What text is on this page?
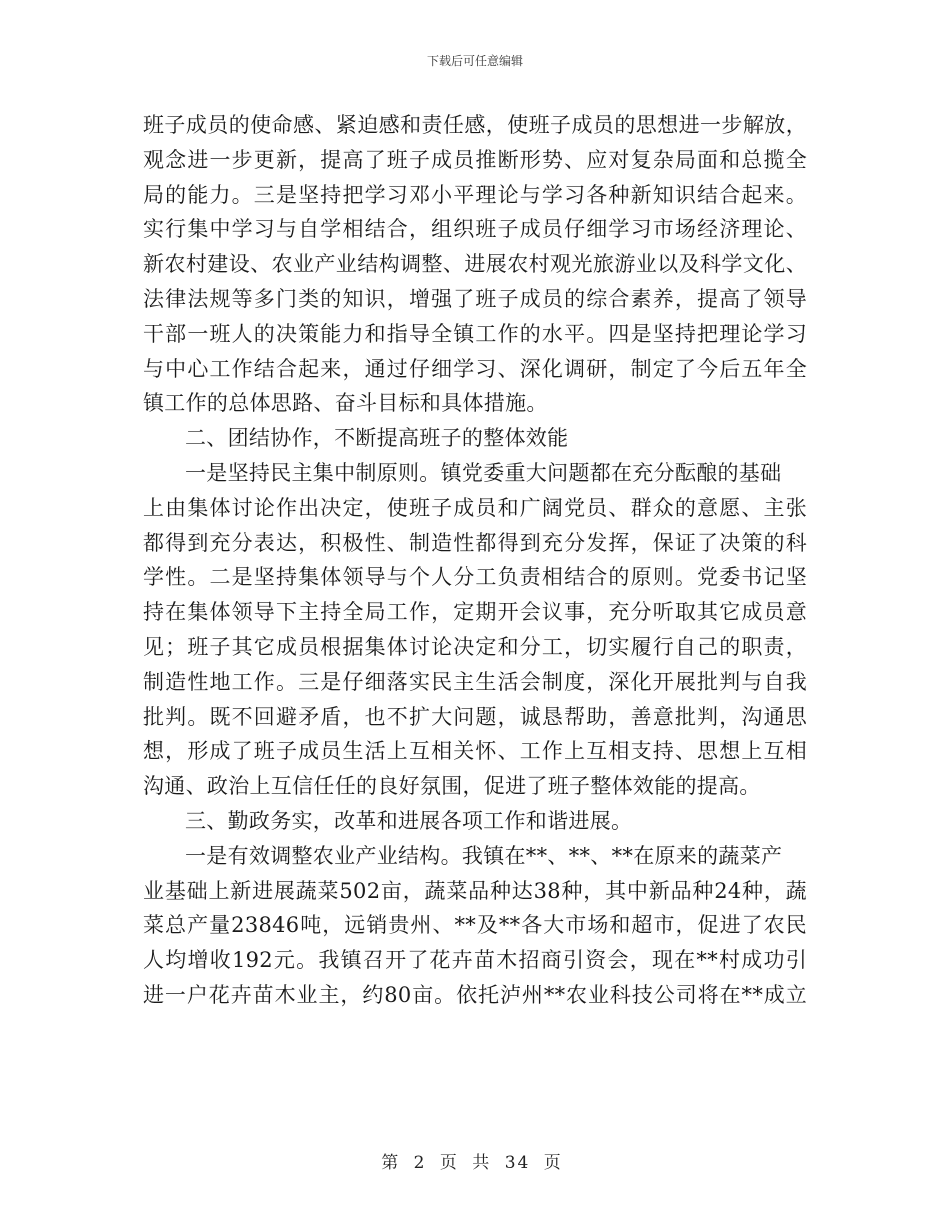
下载后可任意编辑
班子成员的使命感、紧迫感和责任感，使班子成员的思想进一步解放，
观念进一步更新，提高了班子成员推断形势、应对复杂局面和总揽全
局的能力。三是坚持把学习邓小平理论与学习各种新知识结合起来。
实行集中学习与自学相结合，组织班子成员仔细学习市场经济理论、
新农村建设、农业产业结构调整、进展农村观光旅游业以及科学文化、
法律法规等多门类的知识，增强了班子成员的综合素养，提高了领导
干部一班人的决策能力和指导全镇工作的水平。四是坚持把理论学习
与中心工作结合起来，通过仔细学习、深化调研，制定了今后五年全
镇工作的总体思路、奋斗目标和具体措施。
二、团结协作，不断提高班子的整体效能
一是坚持民主集中制原则。镇党委重大问题都在充分酝酿的基础
上由集体讨论作出决定，使班子成员和广阔党员、群众的意愿、主张
都得到充分表达，积极性、制造性都得到充分发挥，保证了决策的科
学性。二是坚持集体领导与个人分工负责相结合的原则。党委书记坚
持在集体领导下主持全局工作，定期开会议事，充分听取其它成员意
见；班子其它成员根据集体讨论决定和分工，切实履行自己的职责，
制造性地工作。三是仔细落实民主生活会制度，深化开展批判与自我
批判。既不回避矛盾，也不扩大问题，诚恳帮助，善意批判，沟通思
想，形成了班子成员生活上互相关怀、工作上互相支持、思想上互相
沟通、政治上互信任任的良好氛围，促进了班子整体效能的提高。
三、勤政务实，改革和进展各项工作和谐进展。
一是有效调整农业产业结构。我镇在**、**、**在原来的蔬菜产
业基础上新进展蔬菜502亩，蔬菜品种达38种，其中新品种24种，蔬
菜总产量23846吨，远销贵州、**及**各大市场和超市，促进了农民
人均增收192元。我镇召开了花卉苗木招商引资会，现在**村成功引
进一户花卉苗木业主，约80亩。依托泸州**农业科技公司将在**成立
第 2 页 共 34 页
